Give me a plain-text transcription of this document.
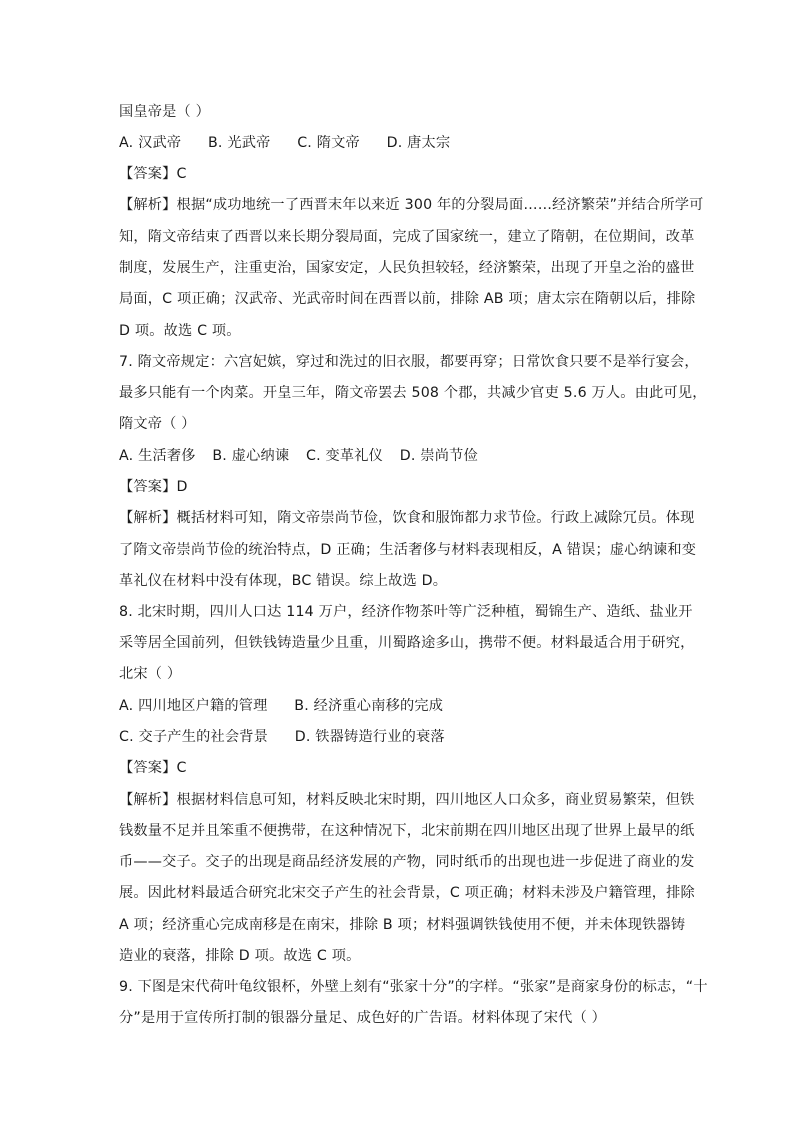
国皇帝是（ ）
A. 汉武帝 B. 光武帝 C. 隋文帝 D. 唐太宗
【答案】C
【解析】根据“成功地统一了西晋末年以来近 300 年的分裂局面……经济繁荣”并结合所学可
知，隋文帝结束了西晋以来长期分裂局面，完成了国家统一，建立了隋朝，在位期间，改革
制度，发展生产，注重吏治，国家安定，人民负担较轻，经济繁荣，出现了开皇之治的盛世
局面，C 项正确；汉武帝、光武帝时间在西晋以前，排除 AB 项；唐太宗在隋朝以后，排除
D 项。故选 C 项。
7. 隋文帝规定：六宫妃嫔，穿过和洗过的旧衣服，都要再穿；日常饮食只要不是举行宴会，
最多只能有一个肉菜。开皇三年，隋文帝罢去 508 个郡，共减少官吏 5.6 万人。由此可见，
隋文帝（ ）
A. 生活奢侈 B. 虚心纳谏 C. 变革礼仪 D. 崇尚节俭
【答案】D
【解析】概括材料可知，隋文帝崇尚节俭，饮食和服饰都力求节俭。行政上减除冗员。体现
了隋文帝崇尚节俭的统治特点，D 正确；生活奢侈与材料表现相反，A 错误；虚心纳谏和变
革礼仪在材料中没有体现，BC 错误。综上故选 D。
8. 北宋时期，四川人口达 114 万户，经济作物茶叶等广泛种植，蜀锦生产、造纸、盐业开
采等居全国前列，但铁钱铸造量少且重，川蜀路途多山，携带不便。材料最适合用于研究，
北宋（ ）
A. 四川地区户籍的管理 B. 经济重心南移的完成
C. 交子产生的社会背景 D. 铁器铸造行业的衰落
【答案】C
【解析】根据材料信息可知，材料反映北宋时期，四川地区人口众多，商业贸易繁荣，但铁
钱数量不足并且笨重不便携带，在这种情况下，北宋前期在四川地区出现了世界上最早的纸
币——交子。交子的出现是商品经济发展的产物，同时纸币的出现也进一步促进了商业的发
展。因此材料最适合研究北宋交子产生的社会背景，C 项正确；材料未涉及户籍管理，排除
A 项；经济重心完成南移是在南宋，排除 B 项；材料强调铁钱使用不便，并未体现铁器铸
造业的衰落，排除 D 项。故选 C 项。
9. 下图是宋代荷叶龟纹银杯，外壁上刻有“张家十分”的字样。“张家”是商家身份的标志，“十
分”是用于宣传所打制的银器分量足、成色好的广告语。材料体现了宋代（ ）
